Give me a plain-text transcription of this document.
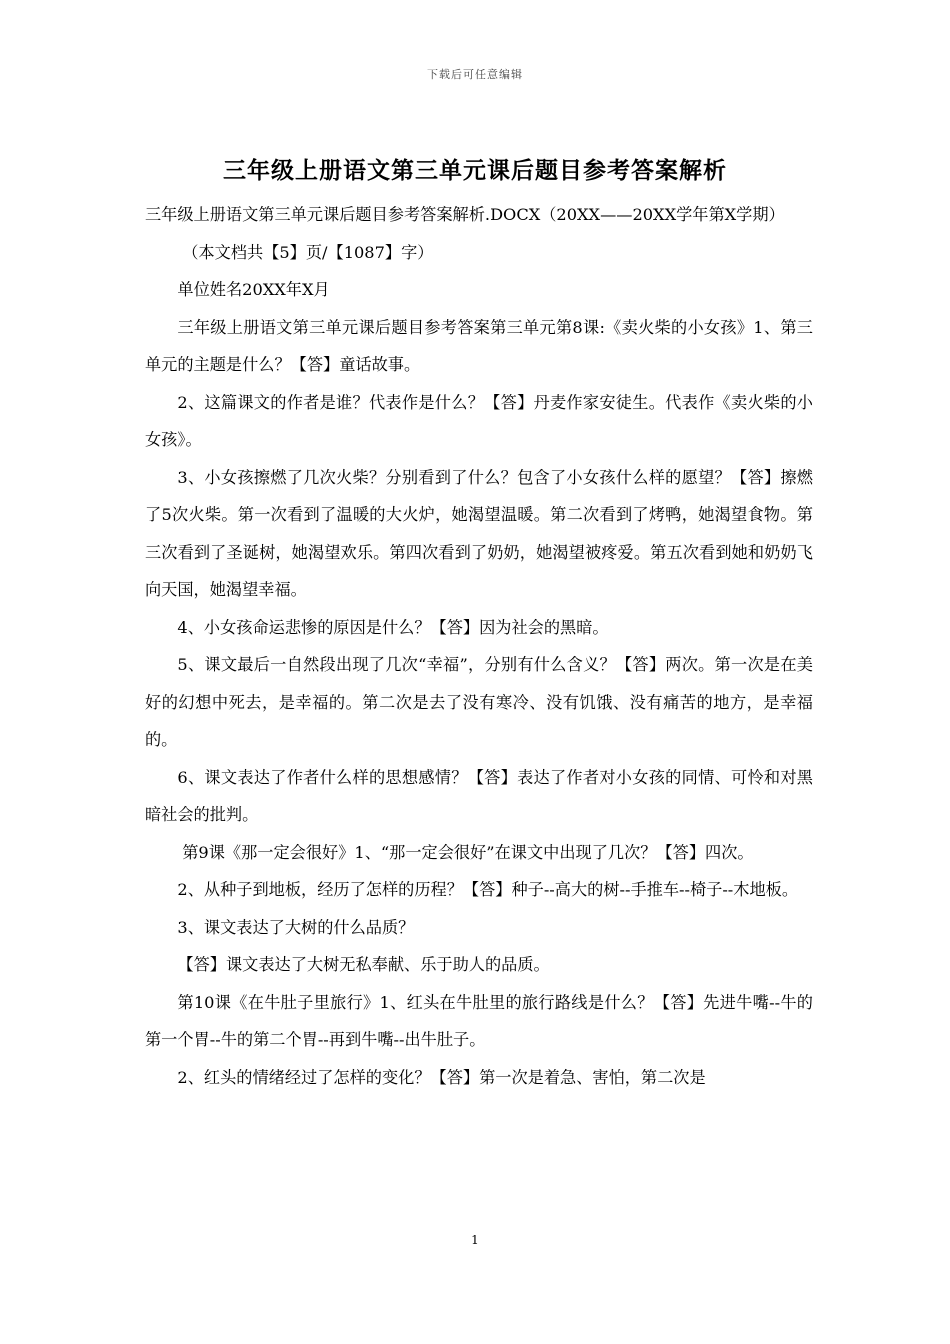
下载后可任意编辑
三年级上册语文第三单元课后题目参考答案解析

三年级上册语文第三单元课后题目参考答案解析.DOCX（20XX——20XX学年第X学期）

（本文档共【5】页/【1087】字）

单位姓名20XX年X月

三年级上册语文第三单元课后题目参考答案第三单元第8课:《卖火柴的小女孩》1、第三单元的主题是什么？【答】童话故事。

2、这篇课文的作者是谁？代表作是什么？【答】丹麦作家安徒生。代表作《卖火柴的小女孩》。

3、小女孩擦燃了几次火柴？分别看到了什么？包含了小女孩什么样的愿望？【答】擦燃了5次火柴。第一次看到了温暖的大火炉，她渴望温暖。第二次看到了烤鸭，她渴望食物。第三次看到了圣诞树，她渴望欢乐。第四次看到了奶奶，她渴望被疼爱。第五次看到她和奶奶飞向天国，她渴望幸福。

4、小女孩命运悲惨的原因是什么？【答】因为社会的黑暗。

5、课文最后一自然段出现了几次“幸福”，分别有什么含义？【答】两次。第一次是在美好的幻想中死去，是幸福的。第二次是去了没有寒冷、没有饥饿、没有痛苦的地方，是幸福的。

6、课文表达了作者什么样的思想感情？【答】表达了作者对小女孩的同情、可怜和对黑暗社会的批判。

第9课《那一定会很好》1、“那一定会很好”在课文中出现了几次？【答】四次。

2、从种子到地板，经历了怎样的历程？【答】种子--高大的树--手推车--椅子--木地板。

3、课文表达了大树的什么品质？

【答】课文表达了大树无私奉献、乐于助人的品质。

第10课《在牛肚子里旅行》1、红头在牛肚里的旅行路线是什么？【答】先进牛嘴--牛的第一个胃--牛的第二个胃--再到牛嘴--出牛肚子。

2、红头的情绪经过了怎样的变化？【答】第一次是着急、害怕，第二次是

1
